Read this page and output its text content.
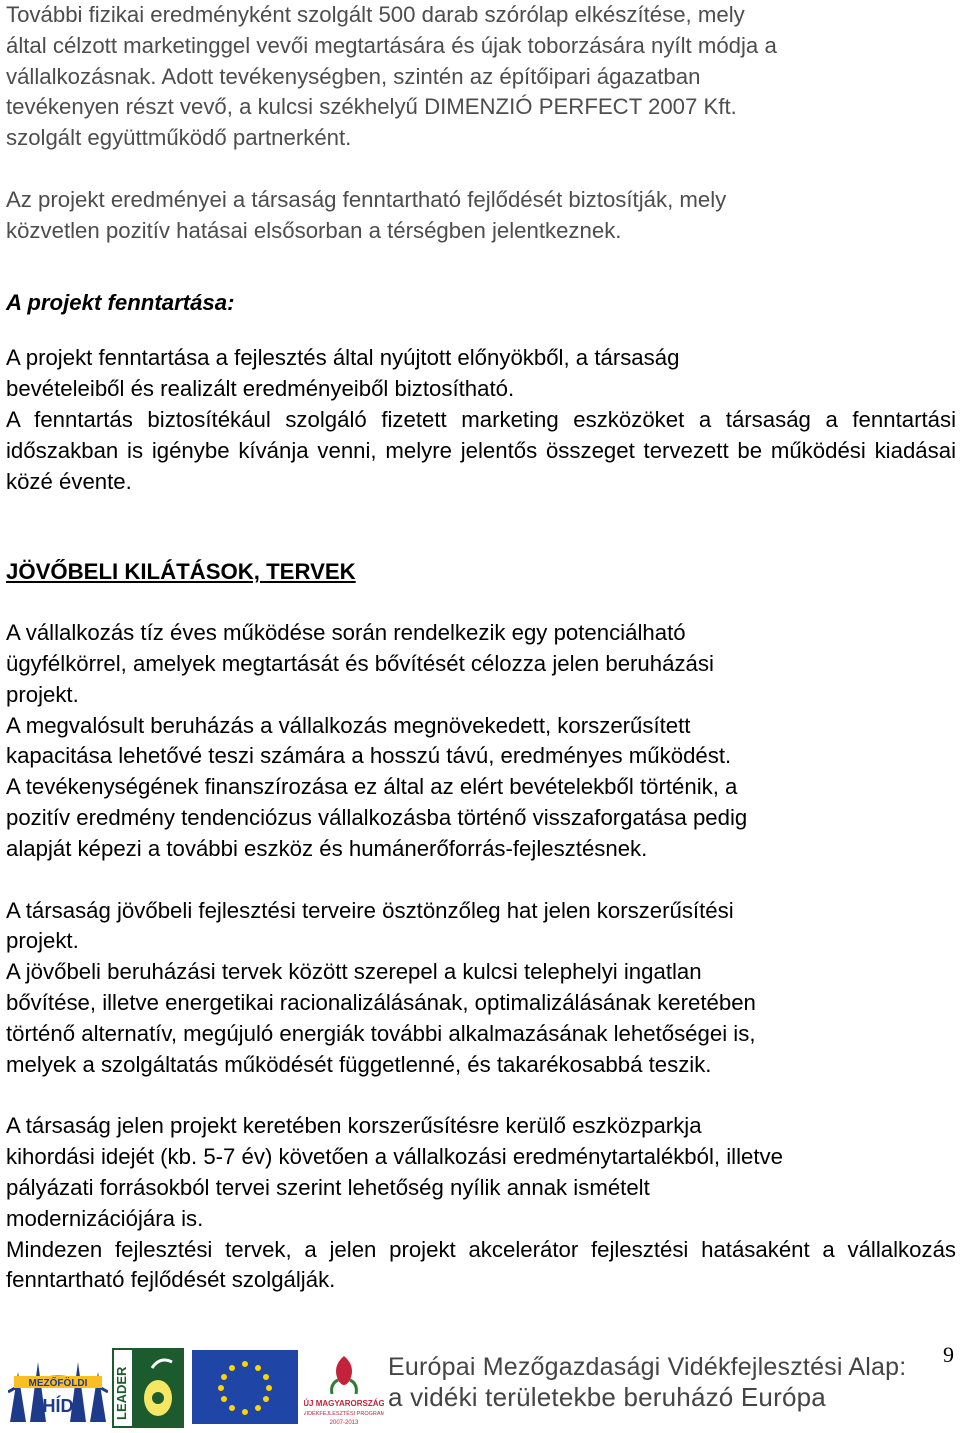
További fizikai eredményként szolgált 500 darab szórólap elkészítése, mely
által célzott marketinggel vevői megtartására és újak toborzására nyílt módja a
vállalkozásnak. Adott tevékenységben, szintén az építőipari ágazatban
tevékenyen részt vevő, a kulcsi székhelyű DIMENZIÓ PERFECT 2007 Kft.
szolgált együttműködő partnerként.

Az projekt eredményei a társaság fenntartható fejlődését biztosítják, mely
közvetlen pozitív hatásai elsősorban a térségben jelentkeznek.

A projekt fenntartása:

A projekt fenntartása a fejlesztés által nyújtott előnyökből, a társaság
bevételeiből és realizált eredményeiből biztosítható.

A fenntartás biztosítékául szolgáló fizetett marketing eszközöket a társaság a fenntartási időszakban is igénybe kívánja venni, melyre jelentős összeget tervezett be működési kiadásai közé évente.

JÖVŐBELI KILÁTÁSOK, TERVEK

A vállalkozás tíz éves működése során rendelkezik egy potenciálható
ügyfélkörrel, amelyek megtartását és bővítését célozza jelen beruházási
projekt.
A megvalósult beruházás a vállalkozás megnövekedett, korszerűsített
kapacitása lehetővé teszi számára a hosszú távú, eredményes működést.
A tevékenységének finanszírozása ez által az elért bevételekből történik, a
pozitív eredmény tendenciózus vállalkozásba történő visszaforgatása pedig
alapját képezi a további eszköz és humánerőforrás-fejlesztésnek.

A társaság jövőbeli fejlesztési terveire ösztönzőleg hat jelen korszerűsítési
projekt.
A jövőbeli beruházási tervek között szerepel a kulcsi telephelyi ingatlan
bővítése, illetve energetikai racionalizálásának, optimalizálásának keretében
történő alternatív, megújuló energiák további alkalmazásának lehetőségei is,
melyek a szolgáltatás működését függetlenné, és takarékosabbá teszik.

A társaság jelen projekt keretében korszerűsítésre kerülő eszközparkja
kihordási idejét (kb. 5-7 év) követően a vállalkozási eredménytartalékból, illetve
pályázati forrásokból tervei szerint lehetőség nyílik annak ismételt
modernizációjára is.

Mindezen fejlesztési tervek, a jelen projekt akcelerátor fejlesztési hatásaként a vállalkozás fenntartható fejlődését szolgálják.

9
MEZŐFÖLDI
HÍD	LEADER	ÚJ MAGYARORSZÁG
VIDÉKFEJLESZTÉSI PROGRAM
2007-2013
Európai Mezőgazdasági Vidékfejlesztési Alap:
a vidéki területekbe beruházó Európa
